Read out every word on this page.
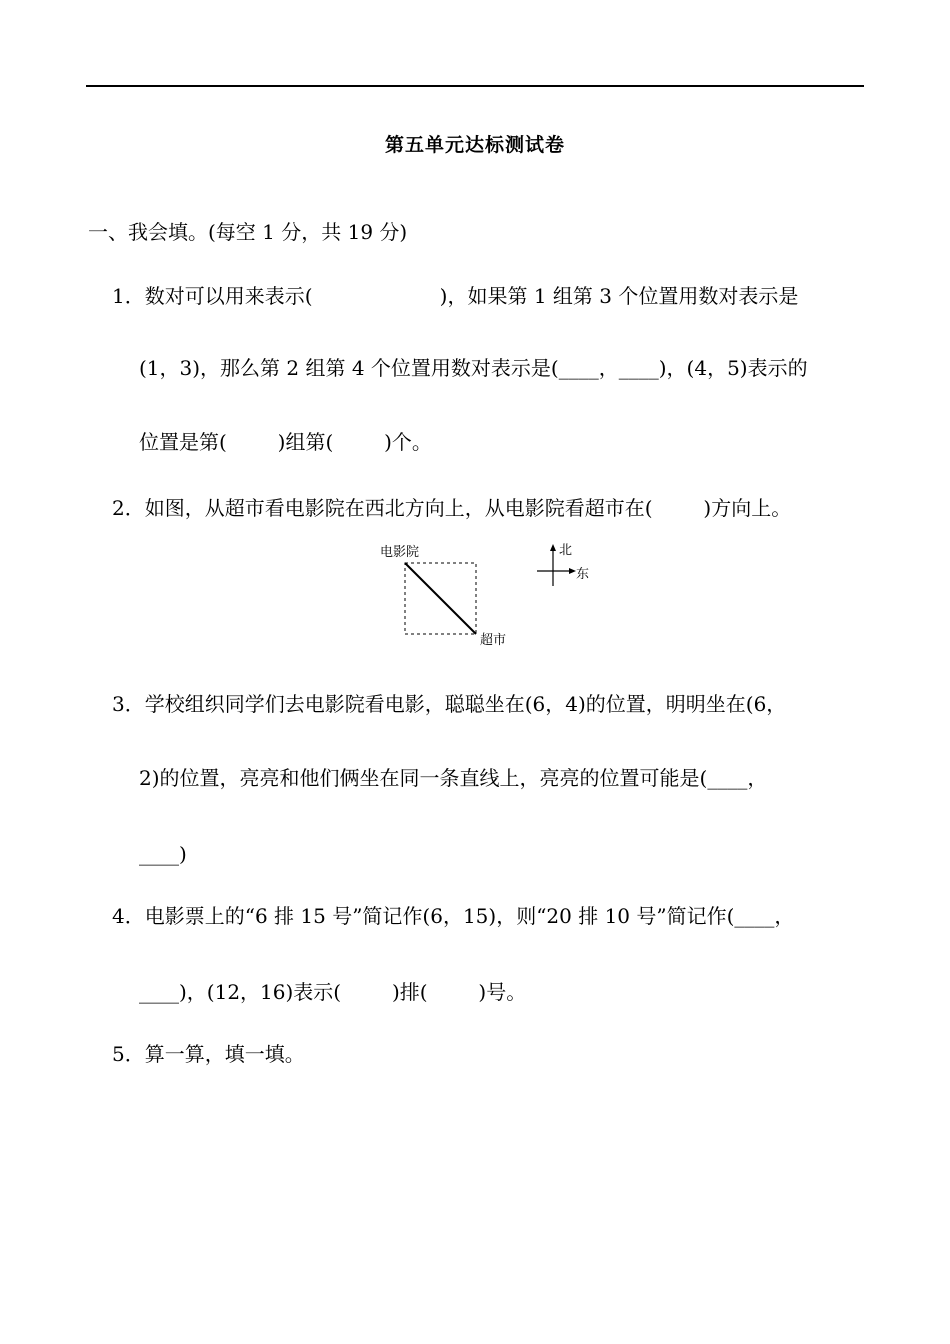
第五单元达标测试卷
一、我会填。(每空 1 分，共 19 分)
1．数对可以用来表示(                    )，如果第 1 组第 3 个位置用数对表示是
(1，3)，那么第 2 组第 4 个位置用数对表示是(____，____)，(4，5)表示的
位置是第(        )组第(        )个。
2．如图，从超市看电影院在西北方向上，从电影院看超市在(        )方向上。
电影院
超市
北
东
3．学校组织同学们去电影院看电影，聪聪坐在(6，4)的位置，明明坐在(6，
2)的位置，亮亮和他们俩坐在同一条直线上，亮亮的位置可能是(____，
____)
4．电影票上的“6 排 15 号”简记作(6，15)，则“20 排 10 号”简记作(____，
____)，(12，16)表示(        )排(        )号。
5．算一算，填一填。
